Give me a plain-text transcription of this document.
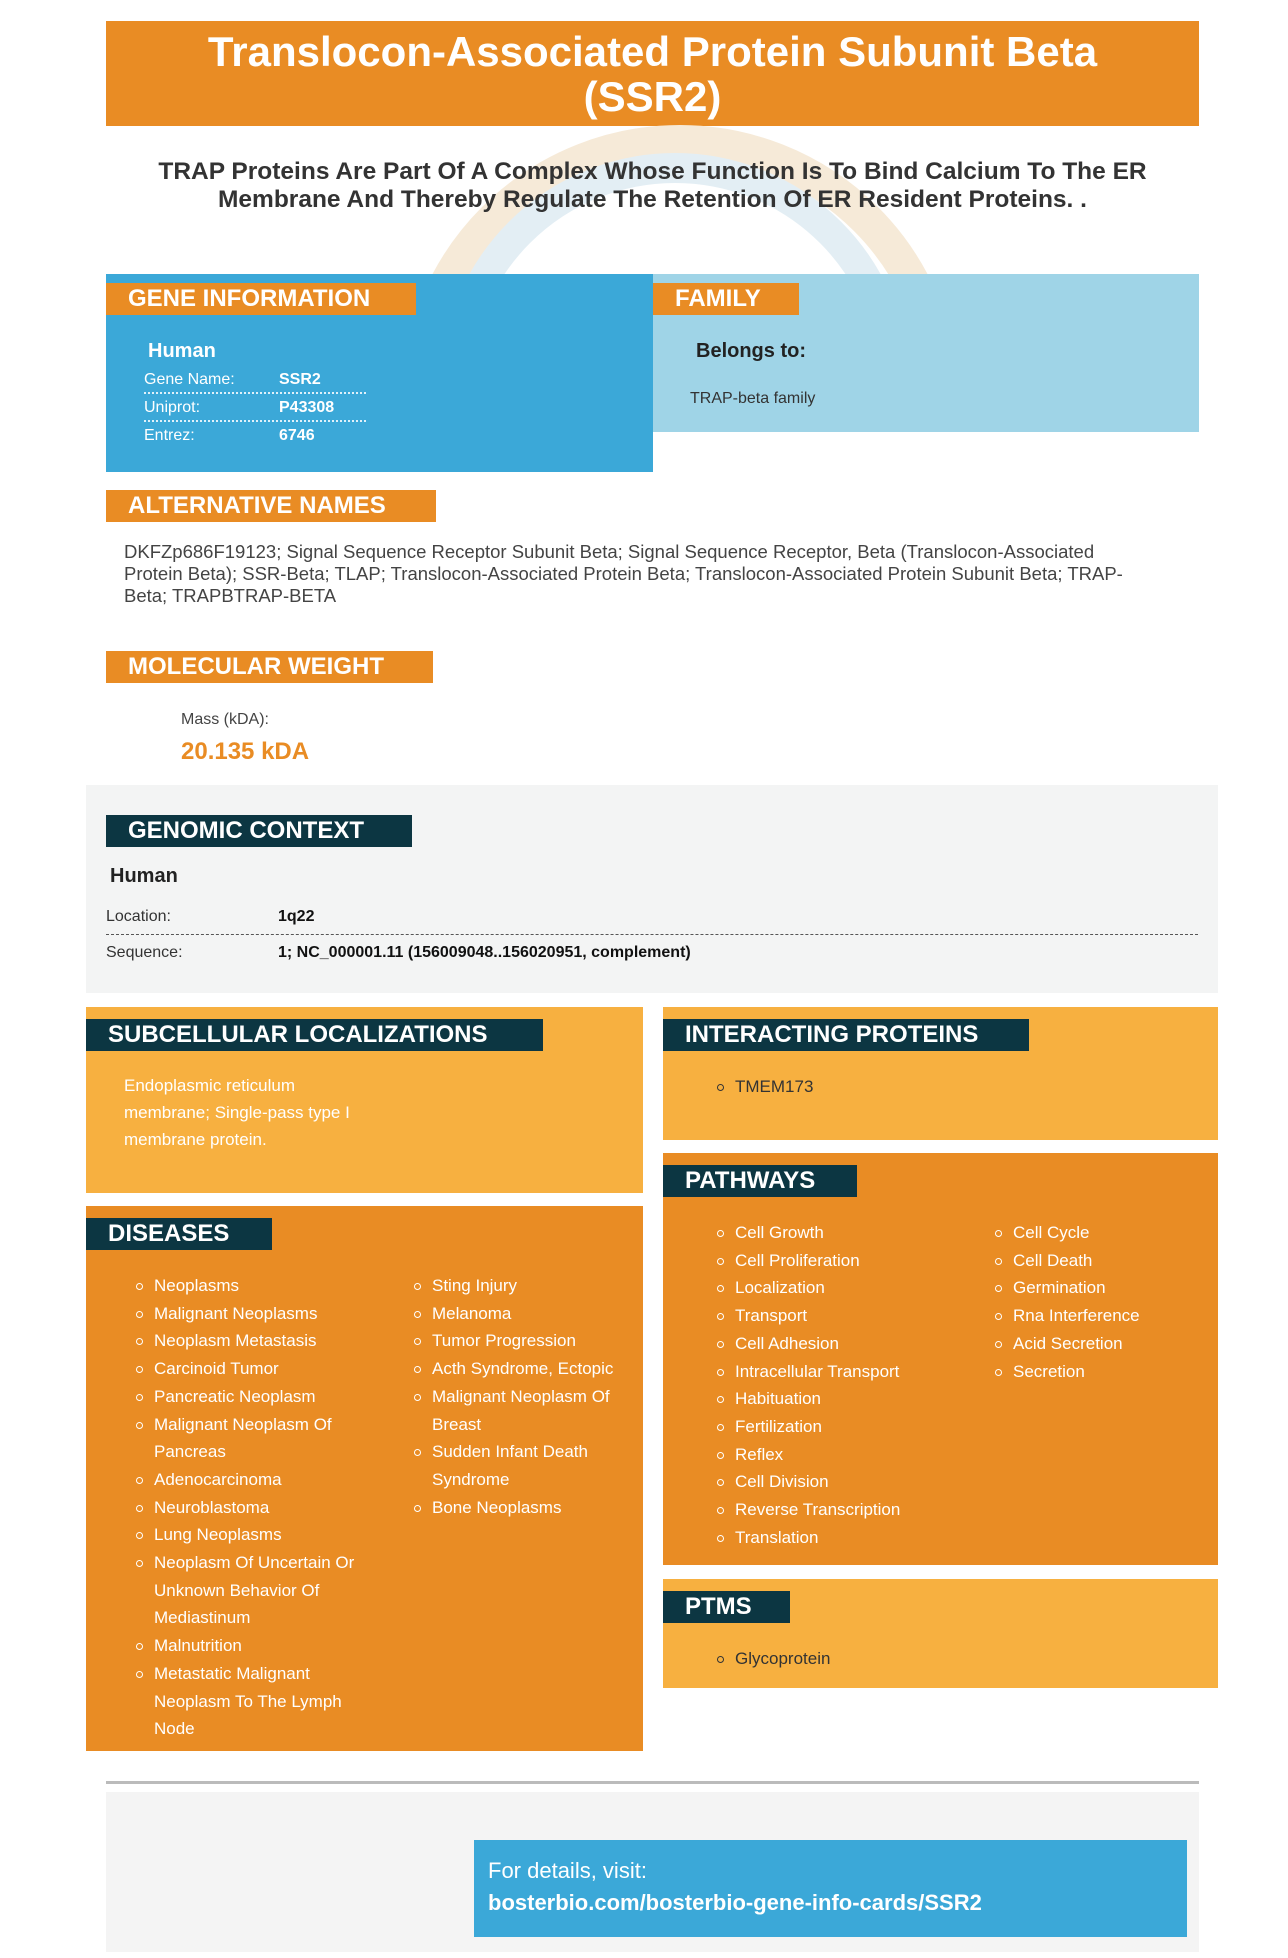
Translocon-Associated Protein Subunit Beta (SSR2)
TRAP Proteins Are Part Of A Complex Whose Function Is To Bind Calcium To The ER Membrane And Thereby Regulate The Retention Of ER Resident Proteins. .
GENE INFORMATION
Human
Gene Name:	SSR2
Uniprot:	P43308
Entrez:	6746
FAMILY
Belongs to:
TRAP-beta family
ALTERNATIVE NAMES
DKFZp686F19123; Signal Sequence Receptor Subunit Beta; Signal Sequence Receptor, Beta (Translocon-Associated Protein Beta); SSR-Beta; TLAP; Translocon-Associated Protein Beta; Translocon-Associated Protein Subunit Beta; TRAP-Beta; TRAPBTRAP-BETA
MOLECULAR WEIGHT
Mass (kDA):
20.135 kDA
GENOMIC CONTEXT
Human
Location:	1q22
Sequence:	1; NC_000001.11 (156009048..156020951, complement)
SUBCELLULAR LOCALIZATIONS
Endoplasmic reticulum membrane; Single-pass type I membrane protein.
INTERACTING PROTEINS
TMEM173
DISEASES
Neoplasms
Malignant Neoplasms
Neoplasm Metastasis
Carcinoid Tumor
Pancreatic Neoplasm
Malignant Neoplasm Of Pancreas
Adenocarcinoma
Neuroblastoma
Lung Neoplasms
Neoplasm Of Uncertain Or Unknown Behavior Of Mediastinum
Malnutrition
Metastatic Malignant Neoplasm To The Lymph Node
Sting Injury
Melanoma
Tumor Progression
Acth Syndrome, Ectopic
Malignant Neoplasm Of Breast
Sudden Infant Death Syndrome
Bone Neoplasms
PATHWAYS
Cell Growth
Cell Proliferation
Localization
Transport
Cell Adhesion
Intracellular Transport
Habituation
Fertilization
Reflex
Cell Division
Reverse Transcription
Translation
Cell Cycle
Cell Death
Germination
Rna Interference
Acid Secretion
Secretion
PTMS
Glycoprotein
For details, visit:
bosterbio.com/bosterbio-gene-info-cards/SSR2
